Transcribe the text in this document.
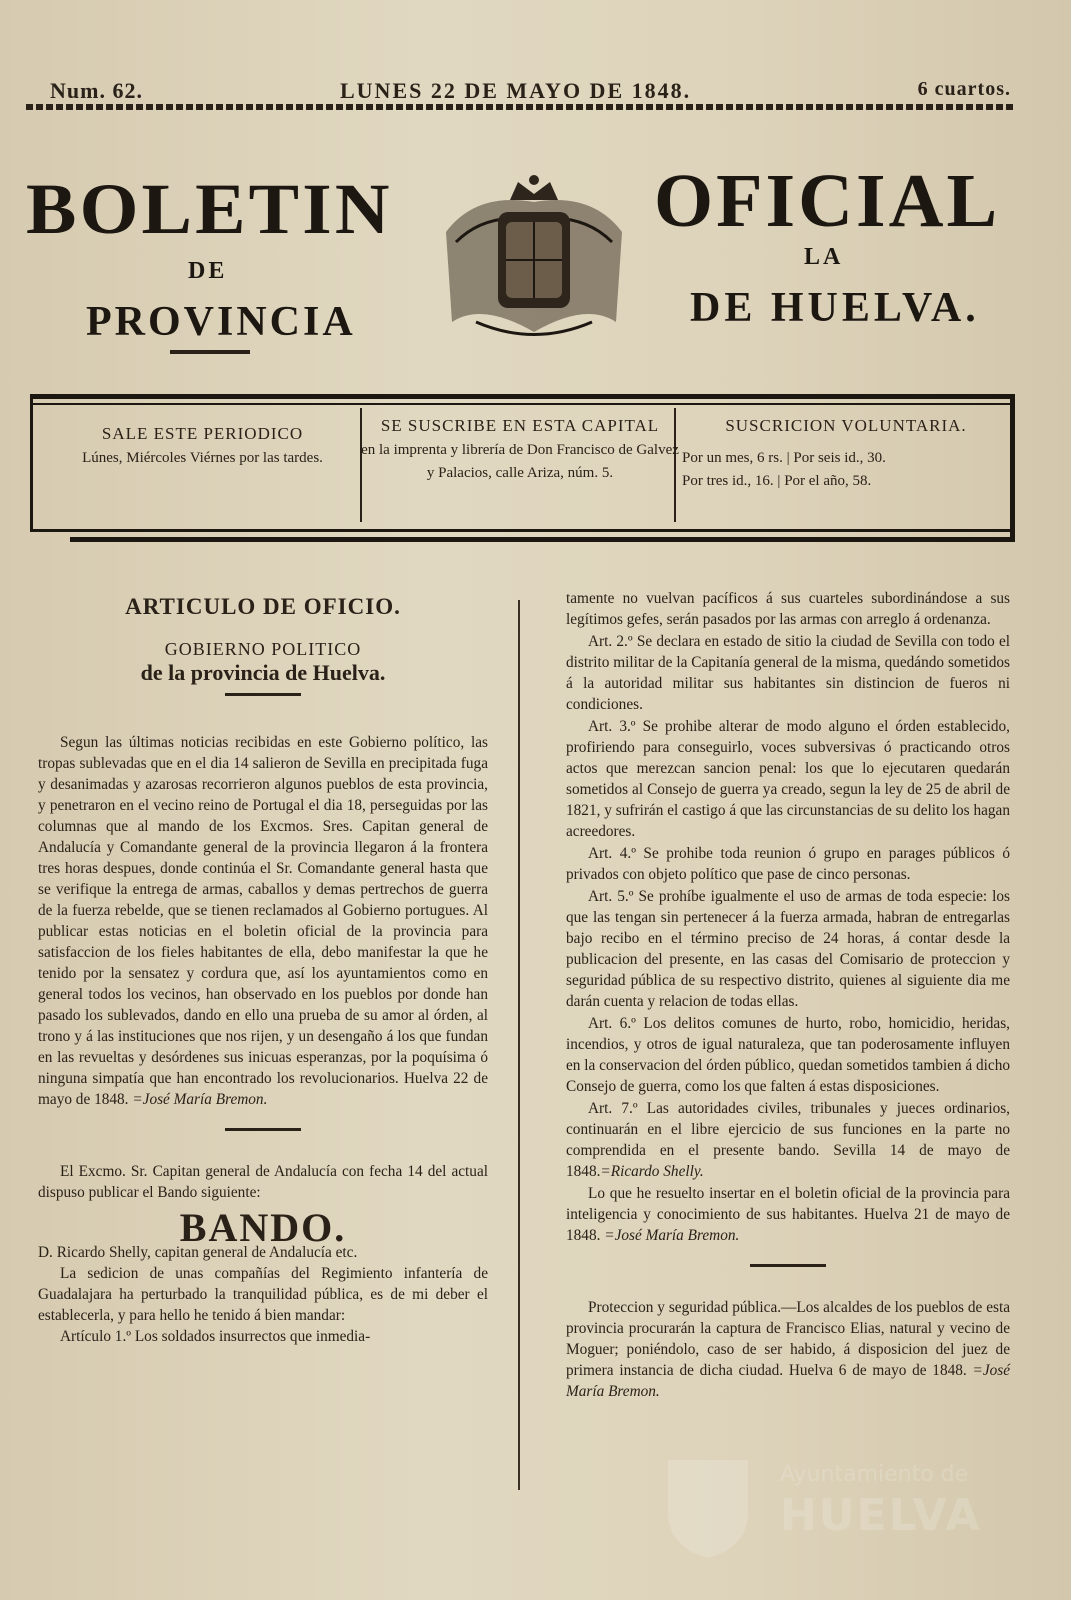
Num. 62.	LUNES 22 DE MAYO DE 1848.	6 cuartos.
BOLETIN	OFICIAL
DE
LA
PROVINCIA	DE HUELVA.
SALE ESTE PERIODICO
Lúnes, Miércoles Viérnes por las tardes.
SE SUSCRIBE EN ESTA CAPITAL
en la imprenta y librería de Don Francisco de Galvez y Palacios, calle Ariza, núm. 5.
SUSCRICION VOLUNTARIA.
Por un mes, 6 rs. | Por seis id., 30.
Por tres id., 16. | Por el año, 58.
ARTICULO DE OFICIO.
GOBIERNO POLITICO
de la provincia de Huelva.

Segun las últimas noticias recibidas en este Gobierno político, las tropas sublevadas que en el dia 14 salieron de Sevilla en precipitada fuga y desanimadas y azarosas recorrieron algunos pueblos de esta provincia, y penetraron en el vecino reino de Portugal el dia 18, perseguidas por las columnas que al mando de los Excmos. Sres. Capitan general de Andalucía y Comandante general de la provincia llegaron á la frontera tres horas despues, donde continúa el Sr. Comandante general hasta que se verifique la entrega de armas, caballos y demas pertrechos de guerra de la fuerza rebelde, que se tienen reclamados al Gobierno portugues. Al publicar estas noticias en el boletin oficial de la provincia para satisfaccion de los fieles habitantes de ella, debo manifestar la que he tenido por la sensatez y cordura que, así los ayuntamientos como en general todos los vecinos, han observado en los pueblos por donde han pasado los sublevados, dando en ello una prueba de su amor al órden, al trono y á las instituciones que nos rijen, y un desengaño á los que fundan en las revueltas y desórdenes sus inicuas esperanzas, por la poquísima ó ninguna simpatía que han encontrado los revolucionarios. Huelva 22 de mayo de 1848. =José María Bremon.

El Excmo. Sr. Capitan general de Andalucía con fecha 14 del actual dispuso publicar el Bando siguiente:

BANDO.

D. Ricardo Shelly, capitan general de Andalucía etc.

La sedicion de unas compañías del Regimiento infantería de Guadalajara ha perturbado la tranquilidad pública, es de mi deber el establecerla, y para hello he tenido á bien mandar:

Artículo 1.º Los soldados insurrectos que inmedia-

tamente no vuelvan pacíficos á sus cuarteles subordinándose a sus legítimos gefes, serán pasados por las armas con arreglo á ordenanza.

Art. 2.º Se declara en estado de sitio la ciudad de Sevilla con todo el distrito militar de la Capitanía general de la misma, quedándo sometidos á la autoridad militar sus habitantes sin distincion de fueros ni condiciones.

Art. 3.º Se prohibe alterar de modo alguno el órden establecido, profiriendo para conseguirlo, voces subversivas ó practicando otros actos que merezcan sancion penal: los que lo ejecutaren quedarán sometidos al Consejo de guerra ya creado, segun la ley de 25 de abril de 1821, y sufrirán el castigo á que las circunstancias de su delito los hagan acreedores.

Art. 4.º Se prohibe toda reunion ó grupo en parages públicos ó privados con objeto político que pase de cinco personas.

Art. 5.º Se prohíbe igualmente el uso de armas de toda especie: los que las tengan sin pertenecer á la fuerza armada, habran de entregarlas bajo recibo en el término preciso de 24 horas, á contar desde la publicacion del presente, en las casas del Comisario de proteccion y seguridad pública de su respectivo distrito, quienes al siguiente dia me darán cuenta y relacion de todas ellas.

Art. 6.º Los delitos comunes de hurto, robo, homicidio, heridas, incendios, y otros de igual naturaleza, que tan poderosamente influyen en la conservacion del órden público, quedan sometidos tambien á dicho Consejo de guerra, como los que falten á estas disposiciones.

Art. 7.º Las autoridades civiles, tribunales y jueces ordinarios, continuarán en el libre ejercicio de sus funciones en la parte no comprendida en el presente bando. Sevilla 14 de mayo de 1848.=Ricardo Shelly.

Lo que he resuelto insertar en el boletin oficial de la provincia para inteligencia y conocimiento de sus habitantes. Huelva 21 de mayo de 1848. =José María Bremon.

Proteccion y seguridad pública.—Los alcaldes de los pueblos de esta provincia procurarán la captura de Francisco Elias, natural y vecino de Moguer; poniéndolo, caso de ser habido, á disposicion del juez de primera instancia de dicha ciudad. Huelva 6 de mayo de 1848. =José María Bremon.

Ayuntamiento de
HUELVA
